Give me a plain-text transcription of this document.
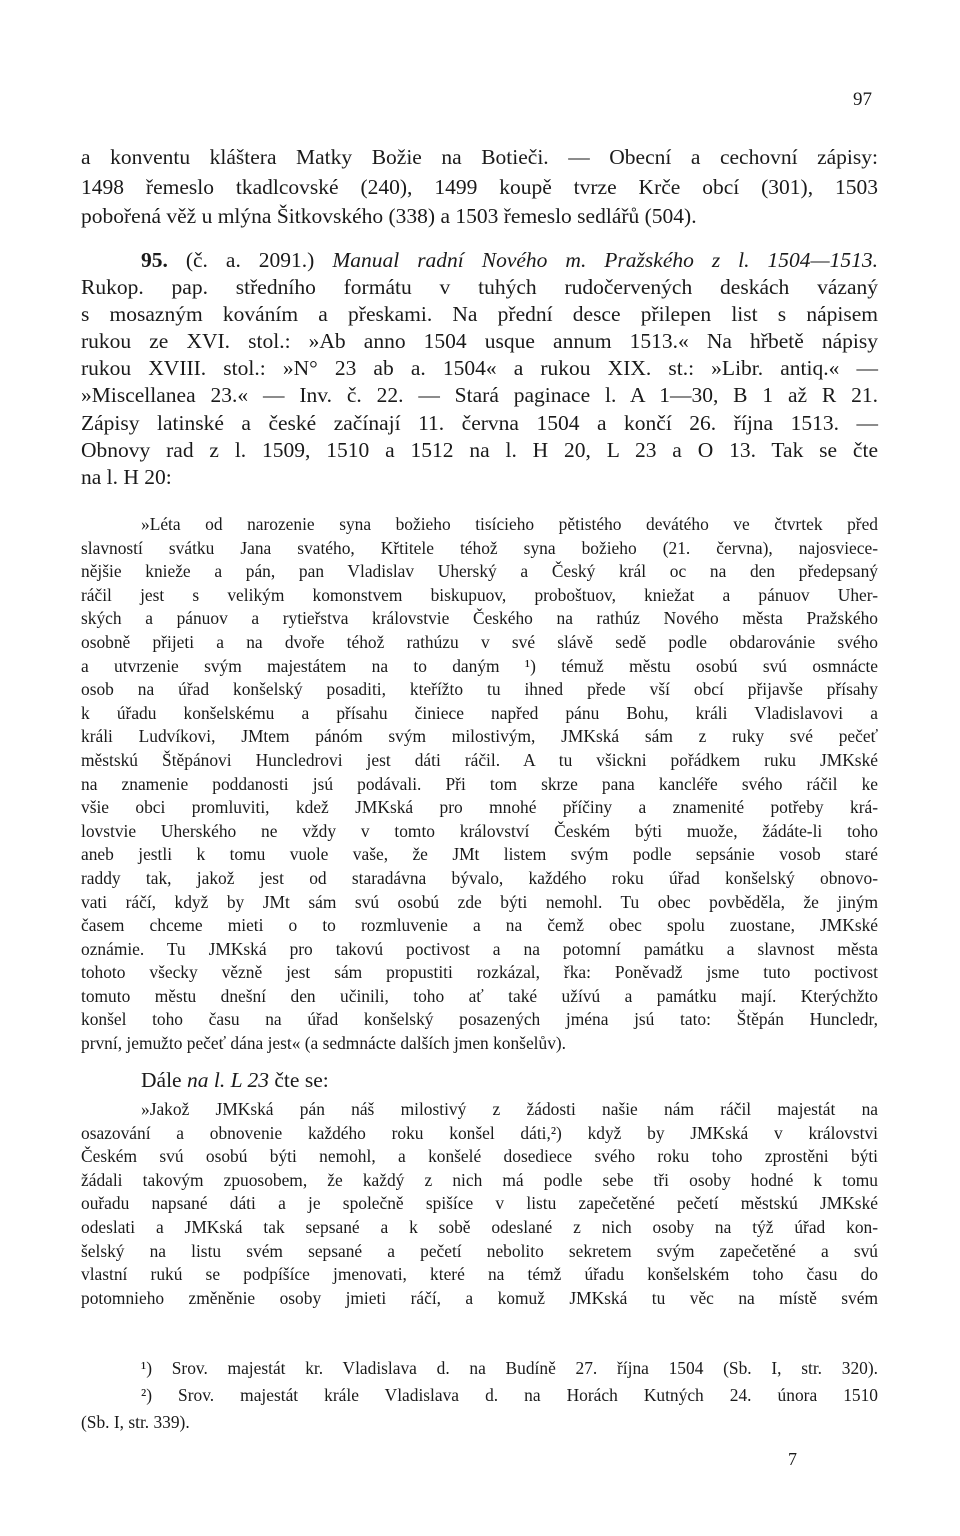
97

a konventu kláštera Matky Božie na Botieči. — Obecní a cechovní zápisy:

1498 řemeslo tkadlcovské (240), 1499 koupě tvrze Krče obcí (301), 1503

pobořená věž u mlýna Šitkovského (338) a 1503 řemeslo sedlářů (504).

95. (č. a. 2091.) Manual radní Nového m. Pražského z l. 1504—1513.

Rukop. pap. středního formátu v tuhých rudočervených deskách vázaný

s mosazným kováním a přeskami. Na přední desce přilepen list s nápisem

rukou ze XVI. stol.: »Ab anno 1504 usque annum 1513.« Na hřbetě nápisy

rukou XVIII. stol.: »N° 23 ab a. 1504« a rukou XIX. st.: »Libr. antiq.« —

»Miscellanea 23.« — Inv. č. 22. — Stará paginace l. A 1—30, B 1 až R 21.

Zápisy latinské a české začínají 11. června 1504 a končí 26. října 1513. —

Obnovy rad z l. 1509, 1510 a 1512 na l. H 20, L 23 a O 13. Tak se čte

na l. H 20:

»Léta od narozenie syna božieho tisícieho pětistého devátého ve čtvrtek před

slavností svátku Jana svatého, Křtitele téhož syna božieho (21. června), najosviece-

nějšie knieže a pán, pan Vladislav Uherský a Český král oc na den předepsaný

ráčil jest s velikým komonstvem biskupuov, proboštuov, kniežat a pánuov Uher-

ských a pánuov a rytieřstva královstvie Českého na rathúz Nového města Pražského

osobně přijeti a na dvoře téhož rathúzu v své slávě sedě podle obdarovánie svého

a utvrzenie svým majestátem na to daným ¹) témuž městu osobú svú osmnácte

osob na úřad konšelský posaditi, kteřížto tu ihned přede vší obcí přijavše přísahy

k úřadu konšelskému a přísahu činiece napřed pánu Bohu, králi Vladislavovi a

králi Ludvíkovi, JMtem pánóm svým milostivým, JMKská sám z ruky své pečeť

městskú Štěpánovi Huncledrovi jest dáti ráčil. A tu všickni pořádkem ruku JMKské

na znamenie poddanosti jsú podávali. Při tom skrze pana kancléře svého ráčil ke

všie obci promluviti, kdež JMKská pro mnohé příčiny a znamenité potřeby krá-

lovstvie Uherského ne vždy v tomto království Českém býti muože, žádáte-li toho

aneb jestli k tomu vuole vaše, že JMt listem svým podle sepsánie vosob staré

raddy tak, jakož jest od staradávna bývalo, každého roku úřad konšelský obnovo-

vati ráčí, když by JMt sám svú osobú zde býti nemohl. Tu obec povběděla, že jiným

časem chceme mieti o to rozmluvenie a na čemž obec spolu zuostane, JMKské

oznámie. Tu JMKská pro takovú poctivost a na potomní památku a slavnost města

tohoto všecky vězně jest sám propustiti rozkázal, řka: Poněvadž jsme tuto poctivost

tomuto městu dnešní den učinili, toho ať také užívú a památku mají. Kterýchžto

konšel toho času na úřad konšelský posazených jména jsú tato: Štěpán Huncledr,

první, jemužto pečeť dána jest« (a sedmnácte dalších jmen konšelův).

Dále na l. L 23 čte se:

»Jakož JMKská pán náš milostivý z žádosti našie nám ráčil majestát na

osazování a obnovenie každého roku konšel dáti,²) když by JMKská v královstvi

Českém svú osobú býti nemohl, a konšelé dosediece svého roku toho zprostěni býti

žádali takovým zpuosobem, že každý z nich má podle sebe tři osoby hodné k tomu

ouřadu napsané dáti a je společně spišíce v listu zapečetěné pečetí městskú JMKské

odeslati a JMKská tak sepsané a k sobě odeslané z nich osoby na týž úřad kon-

šelský na listu svém sepsané a pečetí nebolito sekretem svým zapečetěné a svú

vlastní rukú se podpíšíce jmenovati, které na témž úřadu konšelském toho času do

potomnieho změněnie osoby jmieti ráčí, a komuž JMKská tu věc na místě svém

¹) Srov. majestát kr. Vladislava d. na Budíně 27. října 1504 (Sb. I, str. 320).

²) Srov. majestát krále Vladislava d. na Horách Kutných 24. února 1510

(Sb. I, str. 339).

7
